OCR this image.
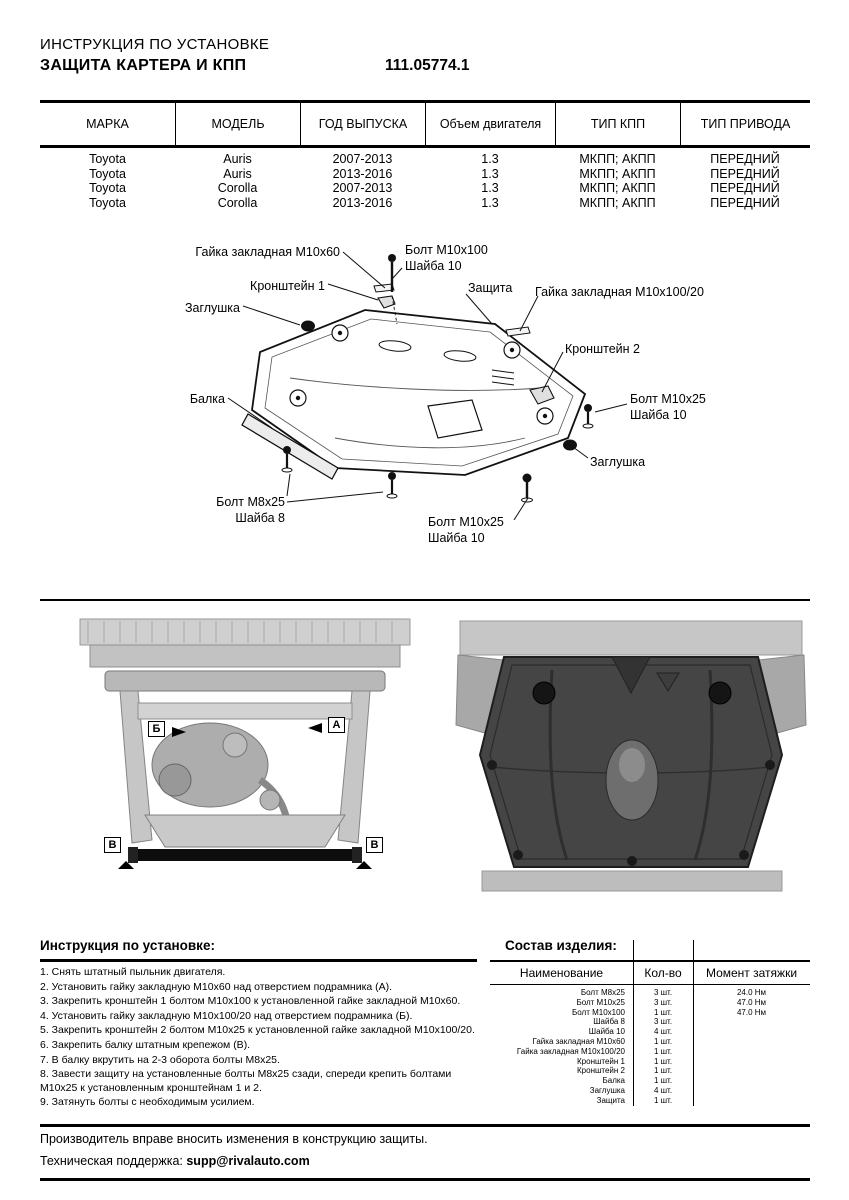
ИНСТРУКЦИЯ ПО УСТАНОВКЕ
ЗАЩИТА КАРТЕРА И КПП	111.05774.1
МАРКА	МОДЕЛЬ	ГОД ВЫПУСКА	Объем двигателя	ТИП КПП	ТИП ПРИВОДА
Toyota	Auris	2007-2013	1.3	МКПП; АКПП	ПЕРЕДНИЙ
Toyota	Auris	2013-2016	1.3	МКПП; АКПП	ПЕРЕДНИЙ
Toyota	Corolla	2007-2013	1.3	МКПП; АКПП	ПЕРЕДНИЙ
Toyota	Corolla	2013-2016	1.3	МКПП; АКПП	ПЕРЕДНИЙ
Гайка закладная М10х60	Болт М10х100
Шайба 10
Кронштейн 1	Защита Гайка закладная М10х100/20
Заглушка
Кронштейн 2
Болт М10х25
Шайба 10
Балка
Заглушка
Болт М8х25
Шайба 8	Болт М10х25
Шайба 10
Б	А
В	В
Инструкция по установке:
1. Снять штатный пыльник двигателя.
2. Установить гайку закладную М10х60 над отверстием подрамника (А).
3. Закрепить кронштейн 1 болтом М10х100 к установленной гайке закладной М10х60.
4. Установить гайку закладную М10х100/20 над отверстием подрамника (Б).
5. Закрепить кронштейн 2 болтом М10х25 к установленной гайке закладной М10х100/20.
6. Закрепить балку штатным крепежом (В).
7. В балку вкрутить на 2-3 оборота болты М8х25.
8. Завести защиту на установленные болты М8х25 сзади, спереди крепить болтами М10х25 к установленным кронштейнам 1 и 2.
9. Затянуть болты с необходимым усилием.
Состав изделия:
Наименование	Кол-во	Момент затяжки
Болт М8х25	3 шт.	24.0 Нм
Болт М10х25	3 шт.	47.0 Нм
Болт М10х100	1 шт.	47.0 Нм
Шайба 8	3 шт.
Шайба 10	4 шт.
Гайка закладная М10х60	1 шт.
Гайка закладная М10х100/20	1 шт.
Кронштейн 1	1 шт.
Кронштейн 2	1 шт.
Балка	1 шт.
Заглушка	4 шт.
Защита	1 шт.
Производитель вправе вносить изменения в конструкцию защиты.
Техническая поддержка: supp@rivalauto.com
